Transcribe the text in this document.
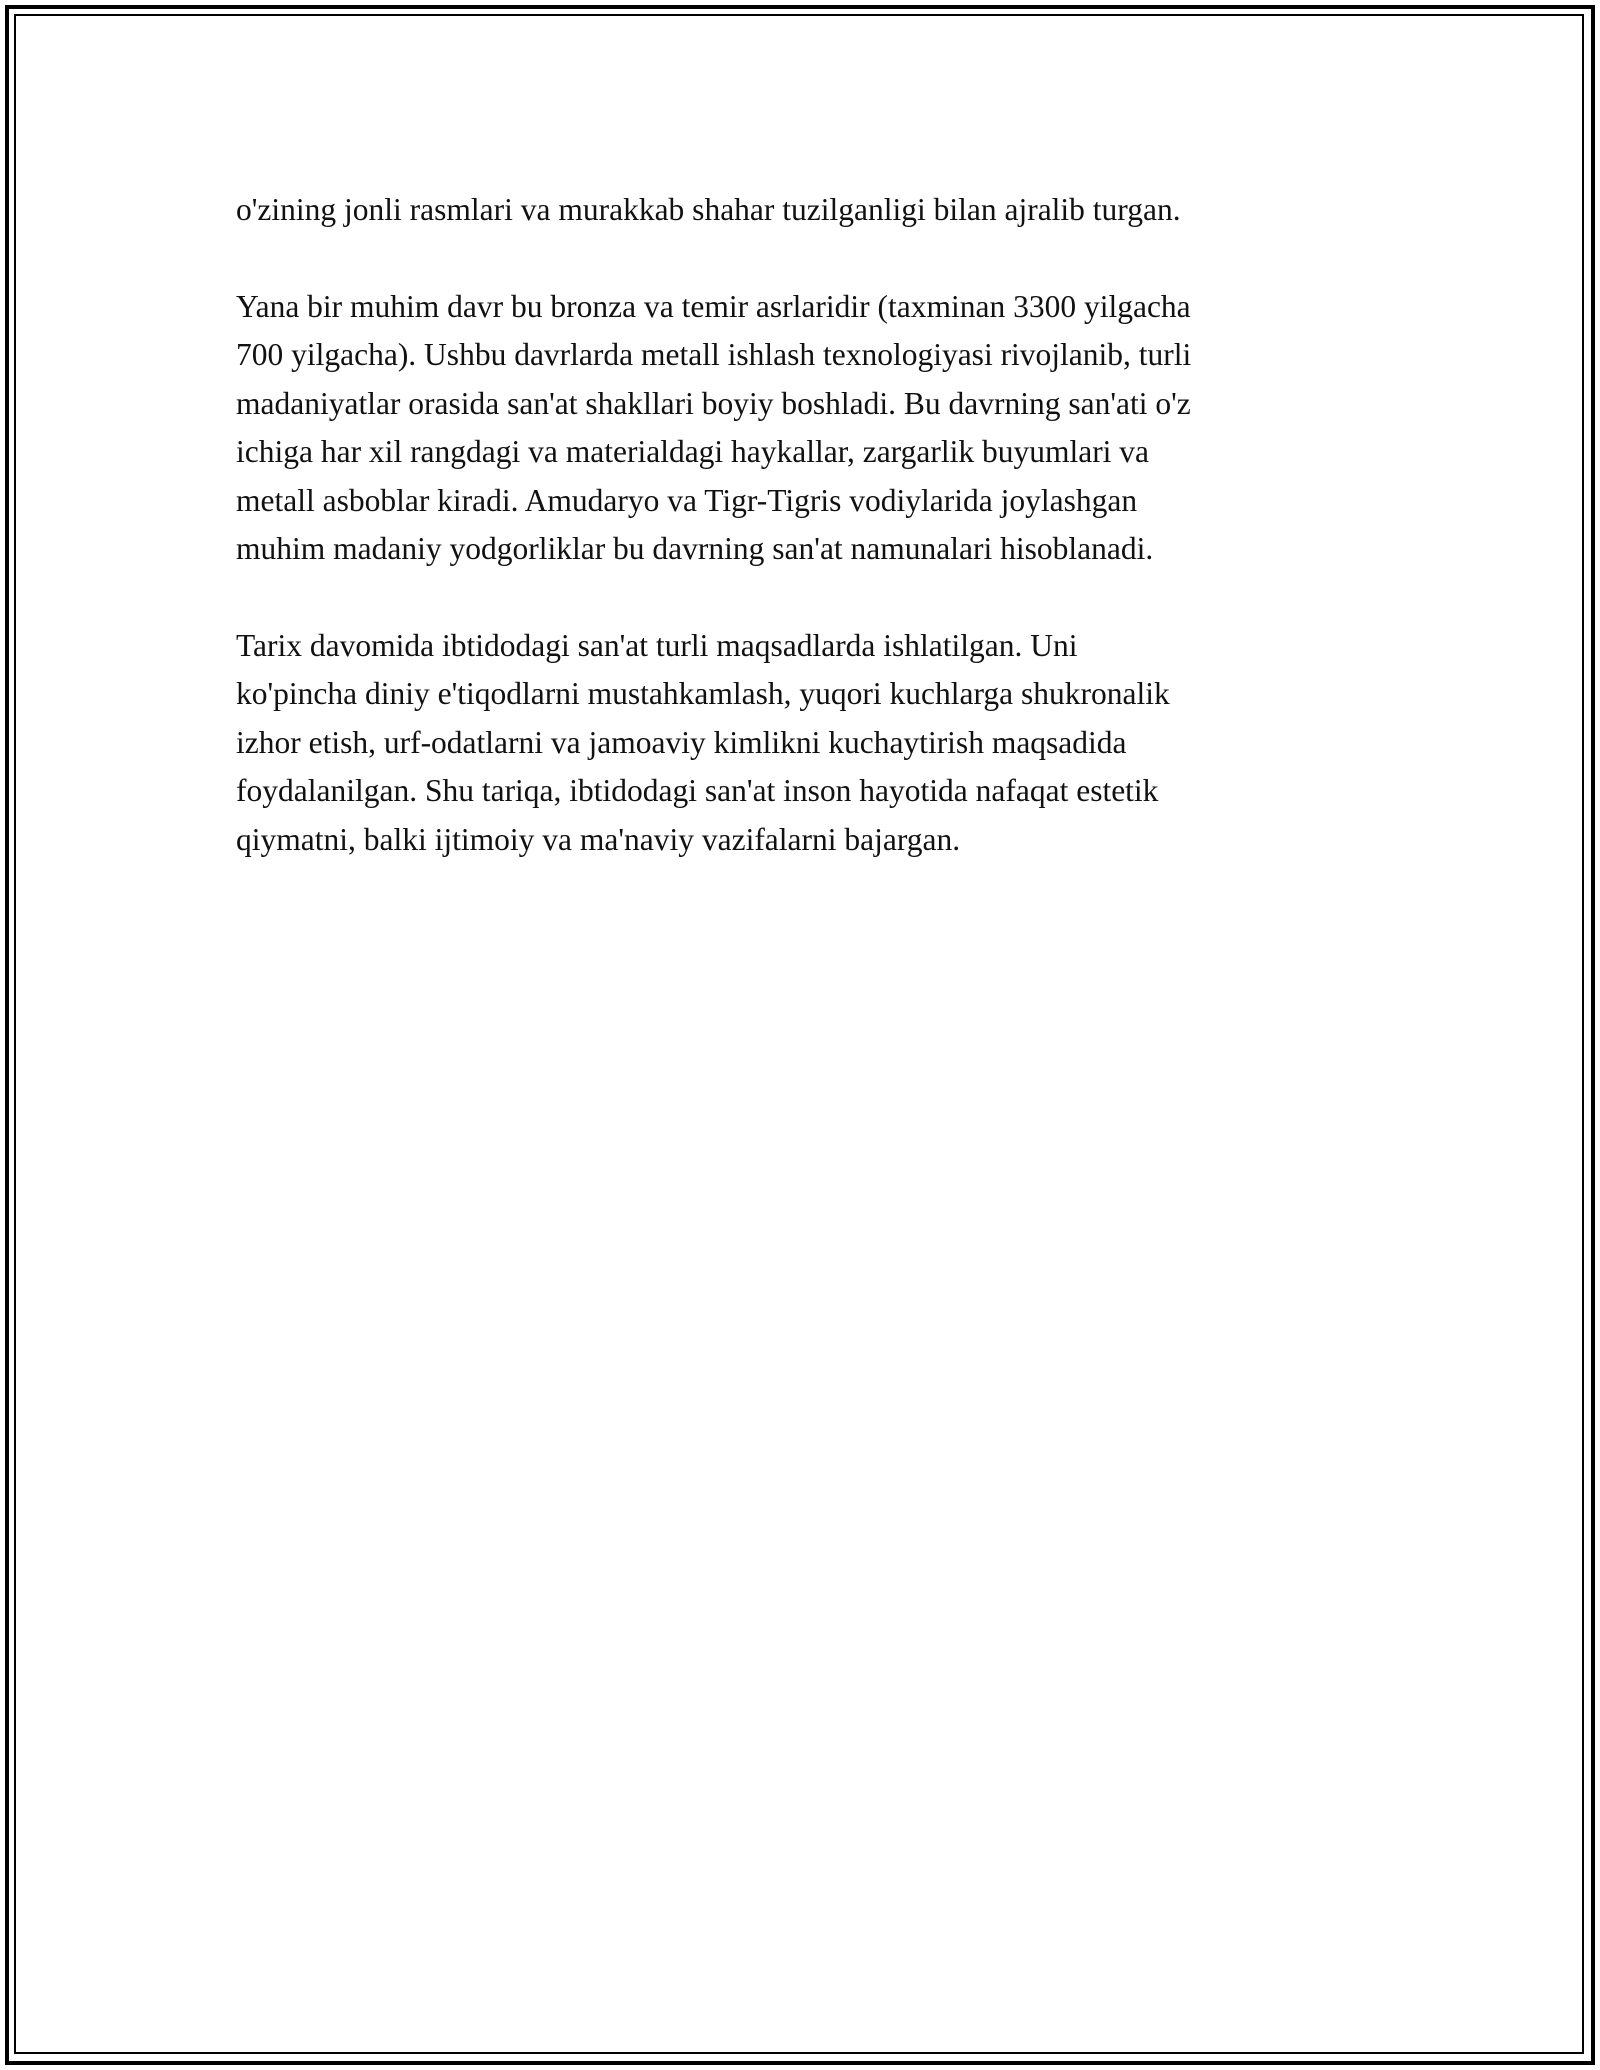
o'zining jonli rasmlari va murakkab shahar tuzilganligi bilan ajralib turgan.

Yana bir muhim davr bu bronza va temir asrlaridir (taxminan 3300 yilgacha
700 yilgacha). Ushbu davrlarda metall ishlash texnologiyasi rivojlanib, turli
madaniyatlar orasida san'at shakllari boyiy boshladi. Bu davrning san'ati o'z
ichiga har xil rangdagi va materialdagi haykallar, zargarlik buyumlari va
metall asboblar kiradi. Amudaryo va Tigr-Tigris vodiylarida joylashgan
muhim madaniy yodgorliklar bu davrning san'at namunalari hisoblanadi.

Tarix davomida ibtidodagi san'at turli maqsadlarda ishlatilgan. Uni
ko'pincha diniy e'tiqodlarni mustahkamlash, yuqori kuchlarga shukronalik
izhor etish, urf-odatlarni va jamoaviy kimlikni kuchaytirish maqsadida
foydalanilgan. Shu tariqa, ibtidodagi san'at inson hayotida nafaqat estetik
qiymatni, balki ijtimoiy va ma'naviy vazifalarni bajargan.
